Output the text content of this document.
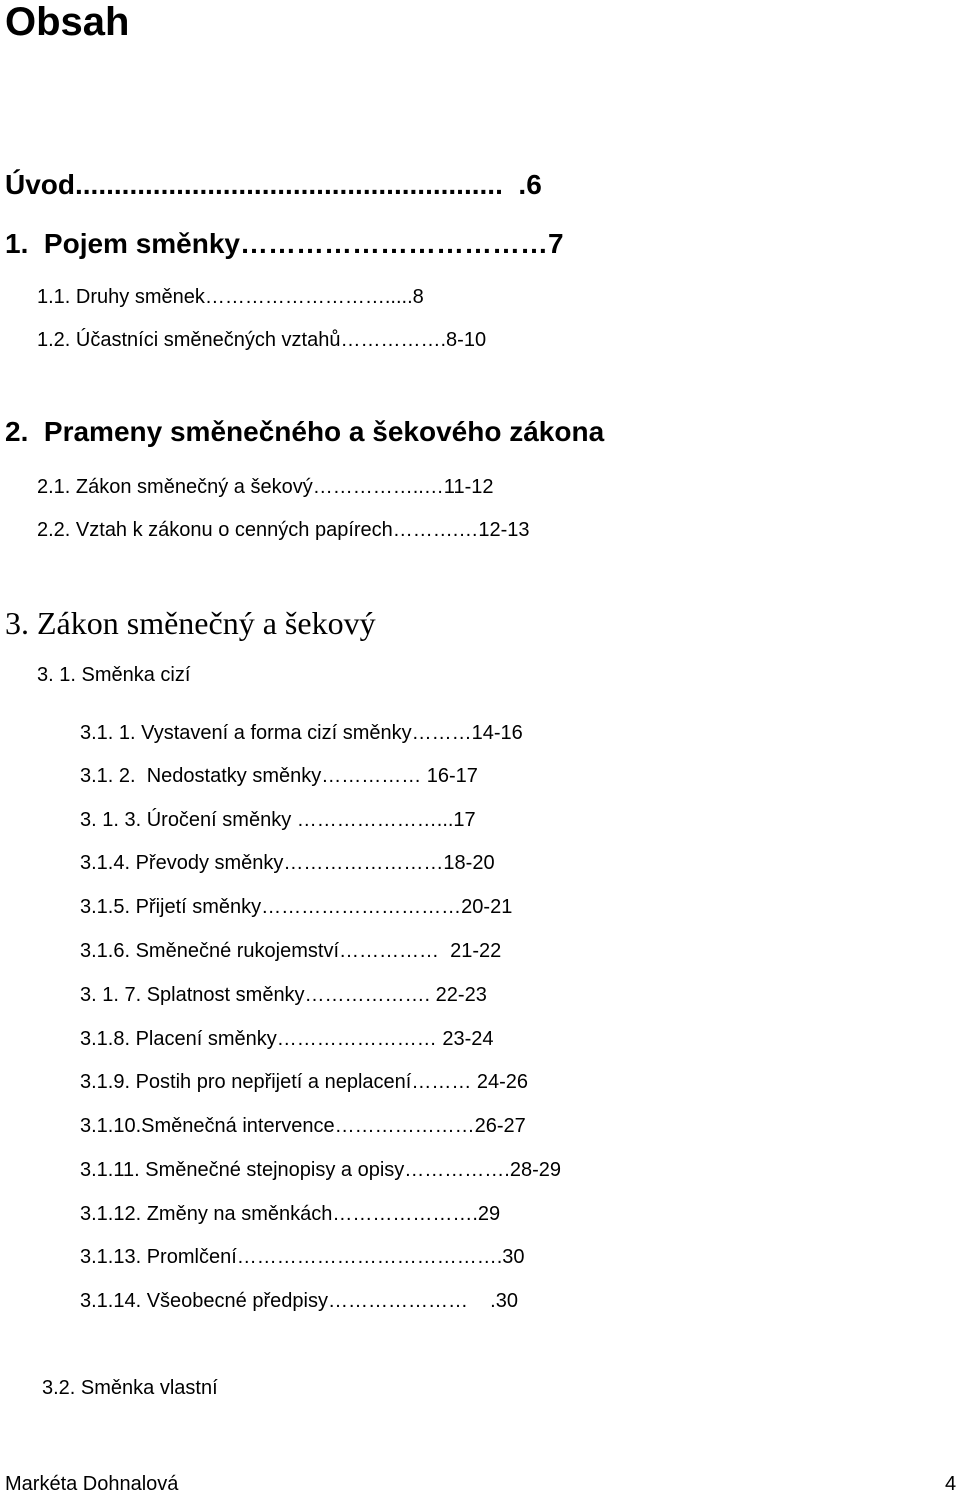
Obsah
Úvod.......................................................  .6
1.  Pojem směnky……………………………7
1.1. Druhy směnek……………………….....8
1.2. Účastníci směnečných vztahů…………….8-10
2.  Prameny směnečného a šekového zákona
2.1. Zákon směnečný a šekový……………..…11-12
2.2. Vztah k zákonu o cenných papírech……….…12-13
3. Zákon směnečný a šekový
3. 1. Směnka cizí
3.1. 1. Vystavení a forma cizí směnky………14-16
3.1. 2.  Nedostatky směnky…………… 16-17
3. 1. 3. Úročení směnky …………………...17
3.1.4. Převody směnky……………………18-20
3.1.5. Přijetí směnky…………………………20-21
3.1.6. Směnečné rukojemství……………  21-22
3. 1. 7. Splatnost směnky………………. 22-23
3.1.8. Placení směnky…………………… 23-24
3.1.9. Postih pro nepřijetí a neplacení……… 24-26
3.1.10.Směnečná intervence…………………26-27
3.1.11. Směnečné stejnopisy a opisy…………….28-29
3.1.12. Změny na směnkách………………….29
3.1.13. Promlčení………………………………….30
3.1.14. Všeobecné předpisy…………………    .30
3.2. Směnka vlastní
Markéta Dohnalová	4
